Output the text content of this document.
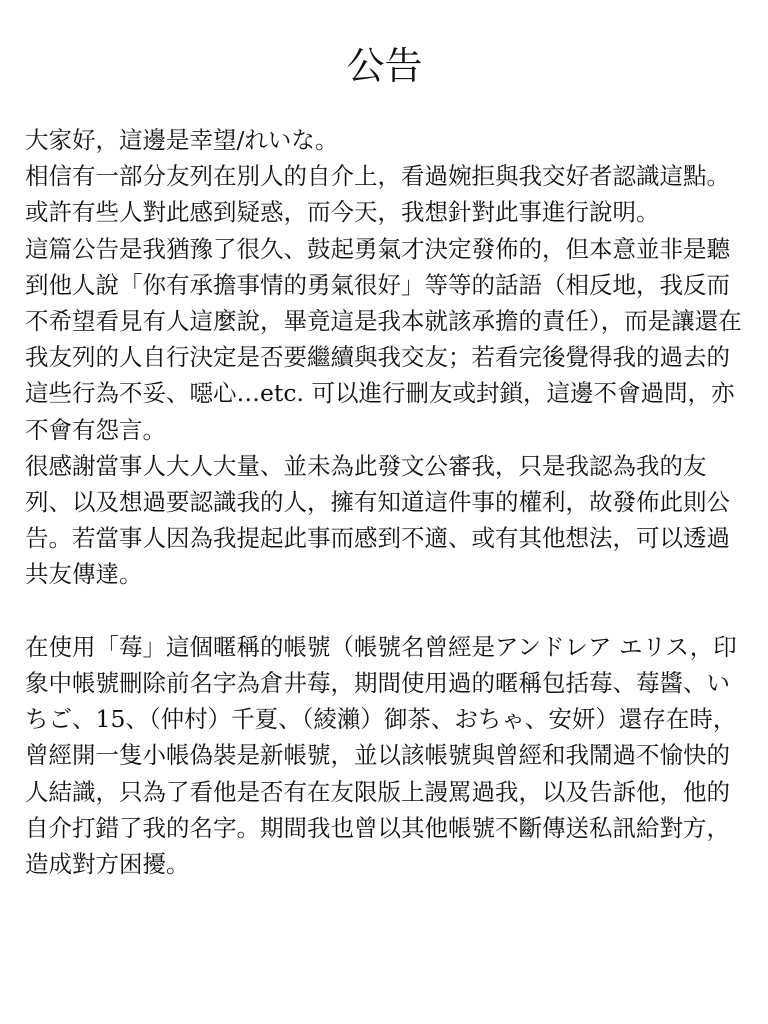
公告

大家好，這邊是幸望/れいな。

相信有一部分友列在別人的自介上，看過婉拒與我交好者認識這點。或許有些人對此感到疑惑，而今天，我想針對此事進行說明。

這篇公告是我猶豫了很久、鼓起勇氣才決定發佈的，但本意並非是聽到他人說「你有承擔事情的勇氣很好」等等的話語（相反地，我反而不希望看見有人這麼說，畢竟這是我本就該承擔的責任），而是讓還在我友列的人自行決定是否要繼續與我交友；若看完後覺得我的過去的這些行為不妥、噁心…etc. 可以進行刪友或封鎖，這邊不會過問，亦不會有怨言。

很感謝當事人大人大量、並未為此發文公審我，只是我認為我的友列、以及想過要認識我的人，擁有知道這件事的權利，故發佈此則公告。若當事人因為我提起此事而感到不適、或有其他想法，可以透過共友傳達。

在使用「莓」這個暱稱的帳號（帳號名曾經是アンドレア エリス，印象中帳號刪除前名字為倉井莓，期間使用過的暱稱包括莓、莓醬、いちご、15、（仲村）千夏、（綾瀨）御茶、おちゃ、安妍）還存在時，曾經開一隻小帳偽裝是新帳號，並以該帳號與曾經和我鬧過不愉快的人結識，只為了看他是否有在友限版上謾罵過我，以及告訴他，他的自介打錯了我的名字。期間我也曾以其他帳號不斷傳送私訊給對方，造成對方困擾。
